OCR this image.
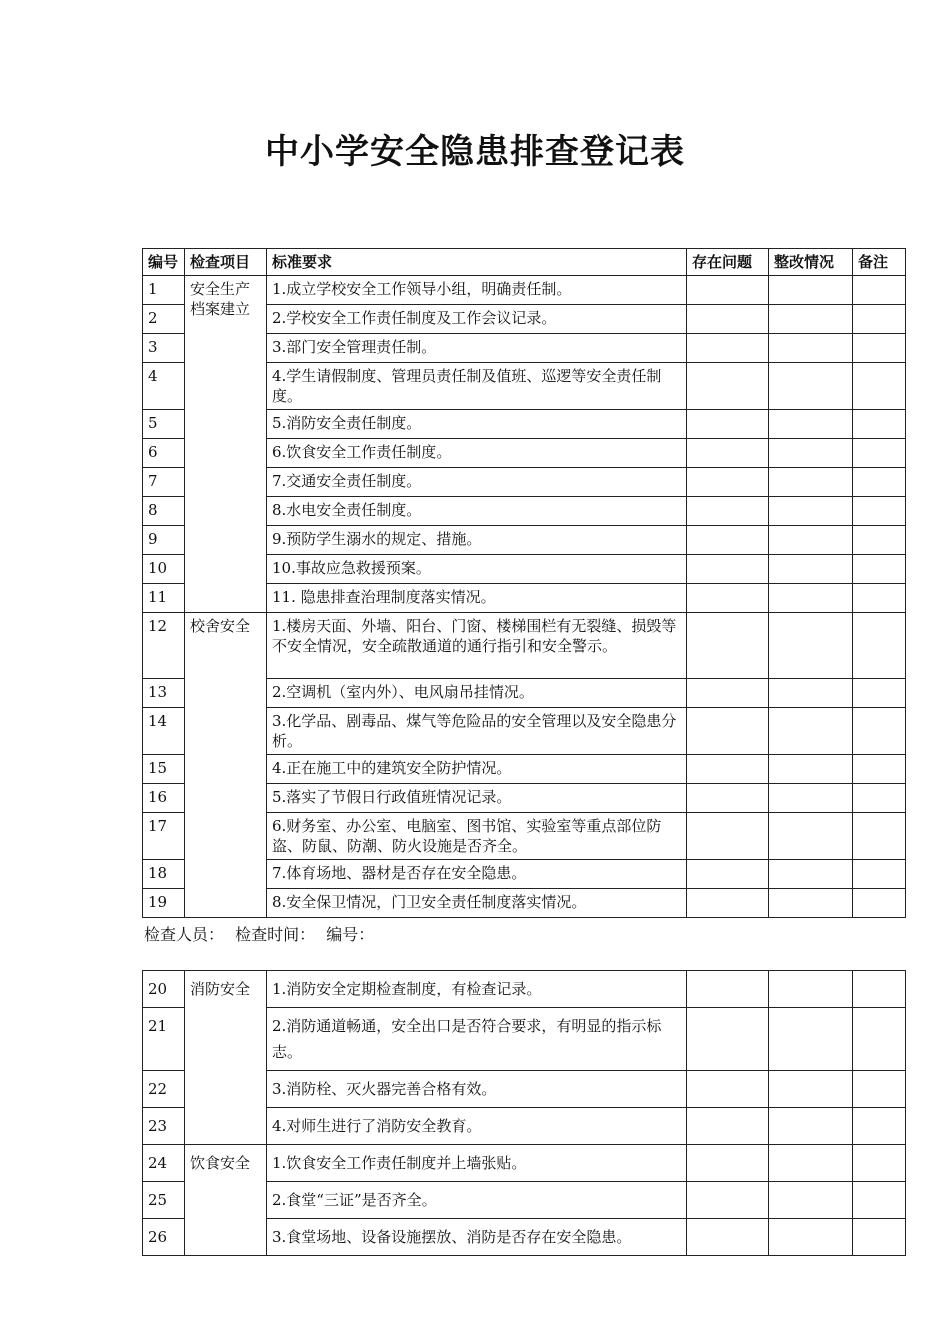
中小学安全隐患排查登记表
编号	检查项目	标准要求	存在问题	整改情况	备注
1	安全生产档案建立	1.成立学校安全工作领导小组，明确责任制。			
2		2.学校安全工作责任制度及工作会议记录。			
3		3.部门安全管理责任制。			
4		4.学生请假制度、管理员责任制及值班、巡逻等安全责任制度。			
5		5.消防安全责任制度。			
6		6.饮食安全工作责任制度。			
7		7.交通安全责任制度。			
8		8.水电安全责任制度。			
9		9.预防学生溺水的规定、措施。			
10		10.事故应急救援预案。			
11		11. 隐患排查治理制度落实情况。			
12	校舍安全	1.楼房天面、外墙、阳台、门窗、楼梯围栏有无裂缝、损毁等不安全情况，安全疏散通道的通行指引和安全警示。			
13		2.空调机（室内外）、电风扇吊挂情况。			
14		3.化学品、剧毒品、煤气等危险品的安全管理以及安全隐患分析。			
15		4.正在施工中的建筑安全防护情况。			
16		5.落实了节假日行政值班情况记录。			
17		6.财务室、办公室、电脑室、图书馆、实验室等重点部位防盗、防鼠、防潮、防火设施是否齐全。			
18		7.体育场地、器材是否存在安全隐患。			
19		8.安全保卫情况，门卫安全责任制度落实情况。			
检查人员： 检查时间： 编号：
20	消防安全	1.消防安全定期检查制度，有检查记录。			
21		2.消防通道畅通，安全出口是否符合要求，有明显的指示标志。			
22		3.消防栓、灭火器完善合格有效。			
23		4.对师生进行了消防安全教育。			
24	饮食安全	1.饮食安全工作责任制度并上墙张贴。			
25		2.食堂“三证”是否齐全。			
26		3.食堂场地、设备设施摆放、消防是否存在安全隐患。			
